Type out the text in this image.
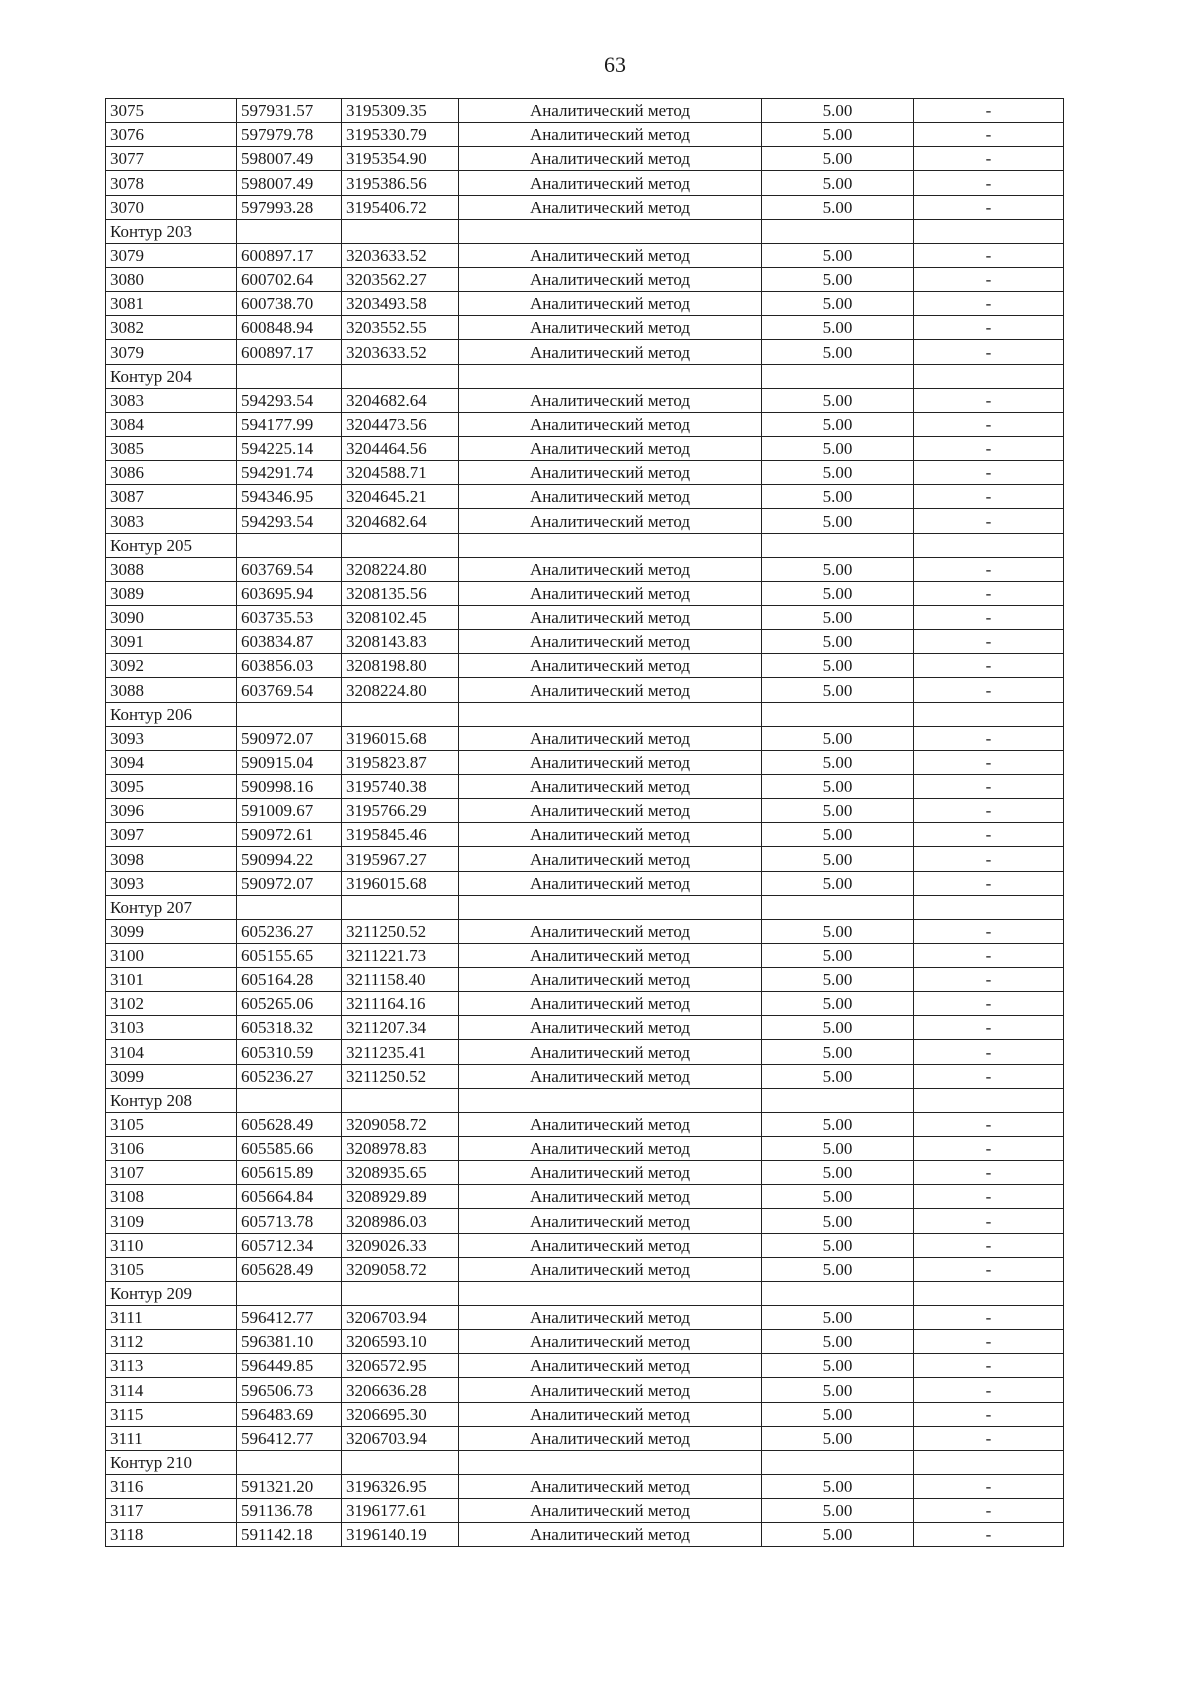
63
3075	597931.57	3195309.35	Аналитический метод	5.00	-
3076	597979.78	3195330.79	Аналитический метод	5.00	-
3077	598007.49	3195354.90	Аналитический метод	5.00	-
3078	598007.49	3195386.56	Аналитический метод	5.00	-
3070	597993.28	3195406.72	Аналитический метод	5.00	-
Контур 203					
3079	600897.17	3203633.52	Аналитический метод	5.00	-
3080	600702.64	3203562.27	Аналитический метод	5.00	-
3081	600738.70	3203493.58	Аналитический метод	5.00	-
3082	600848.94	3203552.55	Аналитический метод	5.00	-
3079	600897.17	3203633.52	Аналитический метод	5.00	-
Контур 204					
3083	594293.54	3204682.64	Аналитический метод	5.00	-
3084	594177.99	3204473.56	Аналитический метод	5.00	-
3085	594225.14	3204464.56	Аналитический метод	5.00	-
3086	594291.74	3204588.71	Аналитический метод	5.00	-
3087	594346.95	3204645.21	Аналитический метод	5.00	-
3083	594293.54	3204682.64	Аналитический метод	5.00	-
Контур 205					
3088	603769.54	3208224.80	Аналитический метод	5.00	-
3089	603695.94	3208135.56	Аналитический метод	5.00	-
3090	603735.53	3208102.45	Аналитический метод	5.00	-
3091	603834.87	3208143.83	Аналитический метод	5.00	-
3092	603856.03	3208198.80	Аналитический метод	5.00	-
3088	603769.54	3208224.80	Аналитический метод	5.00	-
Контур 206					
3093	590972.07	3196015.68	Аналитический метод	5.00	-
3094	590915.04	3195823.87	Аналитический метод	5.00	-
3095	590998.16	3195740.38	Аналитический метод	5.00	-
3096	591009.67	3195766.29	Аналитический метод	5.00	-
3097	590972.61	3195845.46	Аналитический метод	5.00	-
3098	590994.22	3195967.27	Аналитический метод	5.00	-
3093	590972.07	3196015.68	Аналитический метод	5.00	-
Контур 207					
3099	605236.27	3211250.52	Аналитический метод	5.00	-
3100	605155.65	3211221.73	Аналитический метод	5.00	-
3101	605164.28	3211158.40	Аналитический метод	5.00	-
3102	605265.06	3211164.16	Аналитический метод	5.00	-
3103	605318.32	3211207.34	Аналитический метод	5.00	-
3104	605310.59	3211235.41	Аналитический метод	5.00	-
3099	605236.27	3211250.52	Аналитический метод	5.00	-
Контур 208					
3105	605628.49	3209058.72	Аналитический метод	5.00	-
3106	605585.66	3208978.83	Аналитический метод	5.00	-
3107	605615.89	3208935.65	Аналитический метод	5.00	-
3108	605664.84	3208929.89	Аналитический метод	5.00	-
3109	605713.78	3208986.03	Аналитический метод	5.00	-
3110	605712.34	3209026.33	Аналитический метод	5.00	-
3105	605628.49	3209058.72	Аналитический метод	5.00	-
Контур 209					
3111	596412.77	3206703.94	Аналитический метод	5.00	-
3112	596381.10	3206593.10	Аналитический метод	5.00	-
3113	596449.85	3206572.95	Аналитический метод	5.00	-
3114	596506.73	3206636.28	Аналитический метод	5.00	-
3115	596483.69	3206695.30	Аналитический метод	5.00	-
3111	596412.77	3206703.94	Аналитический метод	5.00	-
Контур 210					
3116	591321.20	3196326.95	Аналитический метод	5.00	-
3117	591136.78	3196177.61	Аналитический метод	5.00	-
3118	591142.18	3196140.19	Аналитический метод	5.00	-
